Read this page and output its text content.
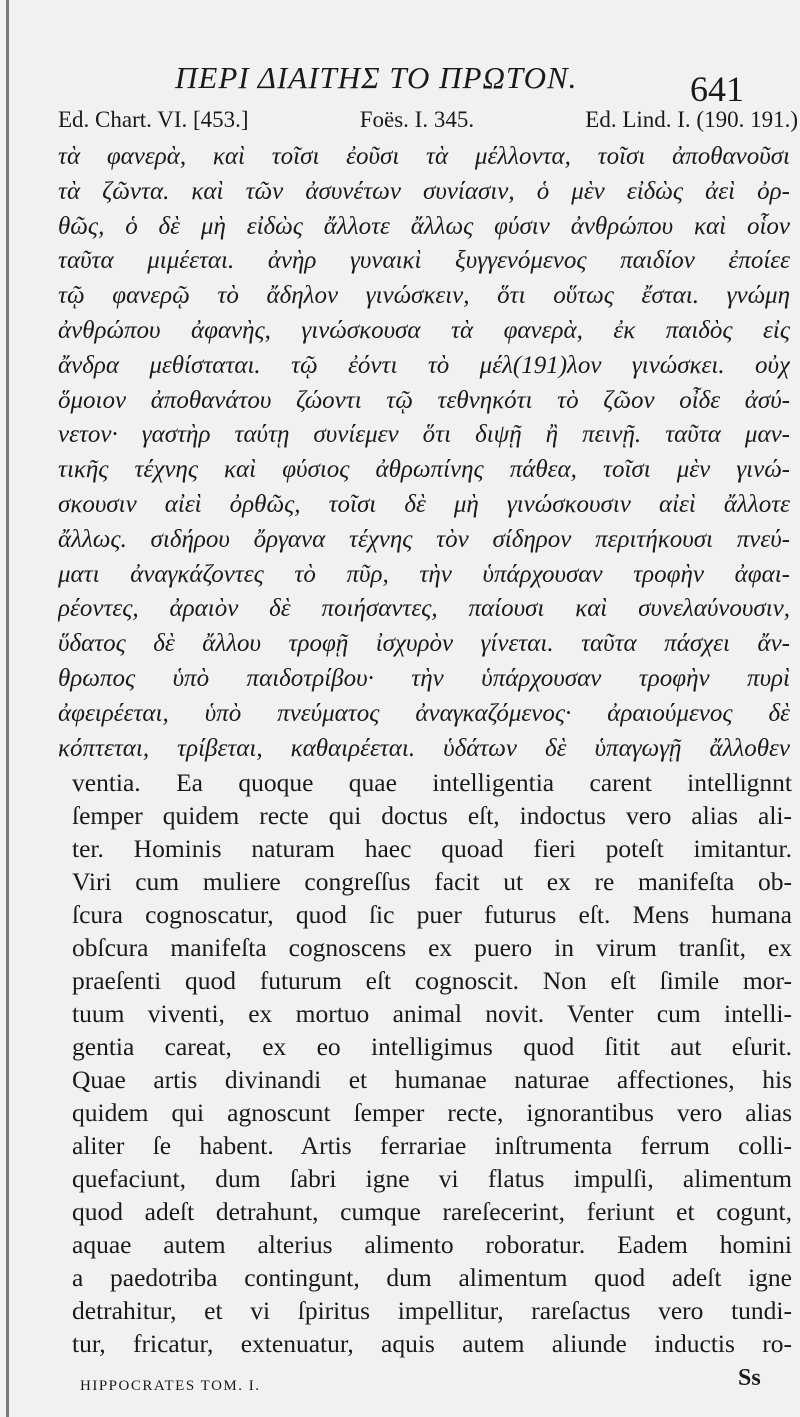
ΠΕΡΙ ΔΙΑΙΤΗΣ ΤΟ ΠΡΩΤΟΝ.	641
Ed. Chart. VI. [453.]	Foës. I. 345.	Ed. Lind. I. (190. 191.)
τὰ φανερὰ, καὶ τοῖσι ἐοῦσι τὰ μέλλοντα, τοῖσι ἀποθανοῦσι
τὰ ζῶντα. καὶ τῶν ἀσυνέτων συνίασιν, ὁ μὲν εἰδὼς ἀεὶ ὀρ-
θῶς, ὁ δὲ μὴ εἰδὼς ἄλλοτε ἄλλως φύσιν ἀνθρώπου καὶ οἷον
ταῦτα μιμέεται. ἀνὴρ γυναικὶ ξυγγενόμενος παιδίον ἐποίεε
τῷ φανερῷ τὸ ἄδηλον γινώσκειν, ὅτι οὕτως ἔσται. γνώμη
ἀνθρώπου ἀφανὴς, γινώσκουσα τὰ φανερὰ, ἐκ παιδὸς εἰς
ἄνδρα μεθίσταται. τῷ ἐόντι τὸ μέλ(191)λον γινώσκει. οὐχ
ὅμοιον ἀποθανάτου ζώοντι τῷ τεθνηκότι τὸ ζῶον οἶδε ἀσύ-
νετον· γαστὴρ ταύτῃ συνίεμεν ὅτι διψῇ ἢ πεινῇ. ταῦτα μαν-
τικῆς τέχνης καὶ φύσιος ἀθρωπίνης πάθεα, τοῖσι μὲν γινώ-
σκουσιν αἰεὶ ὀρθῶς, τοῖσι δὲ μὴ γινώσκουσιν αἰεὶ ἄλλοτε
ἄλλως. σιδήρου ὄργανα τέχνης τὸν σίδηρον περιτήκουσι πνεύ-
ματι ἀναγκάζοντες τὸ πῦρ, τὴν ὑπάρχουσαν τροφὴν ἀφαι-
ρέοντες, ἀραιὸν δὲ ποιήσαντες, παίουσι καὶ συνελαύνουσιν,
ὕδατος δὲ ἄλλου τροφῇ ἰσχυρὸν γίνεται. ταῦτα πάσχει ἄν-
θρωπος ὑπὸ παιδοτρίβου· τὴν ὑπάρχουσαν τροφὴν πυρὶ
ἀφειρέεται, ὑπὸ πνεύματος ἀναγκαζόμενος· ἀραιούμενος δὲ
κόπτεται, τρίβεται, καθαιρέεται. ὑδάτων δὲ ὑπαγωγῇ ἄλλοθεν
ventia. Ea quoque quae intelligentia carent intellignnt
ſemper quidem recte qui doctus eſt, indoctus vero alias ali-
ter. Hominis naturam haec quoad fieri poteſt imitantur.
Viri cum muliere congreſſus facit ut ex re manifeſta ob-
ſcura cognoscatur, quod ſic puer futurus eſt. Mens humana
obſcura manifeſta cognoscens ex puero in virum tranſit, ex
praeſenti quod futurum eſt cognoscit. Non eſt ſimile mor-
tuum viventi, ex mortuo animal novit. Venter cum intelli-
gentia careat, ex eo intelligimus quod ſitit aut eſurit.
Quae artis divinandi et humanae naturae affectiones, his
quidem qui agnoscunt ſemper recte, ignorantibus vero alias
aliter ſe habent. Artis ferrariae inſtrumenta ferrum colli-
quefaciunt, dum ſabri igne vi flatus impulſi, alimentum
quod adeſt detrahunt, cumque rareſecerint, feriunt et cogunt,
aquae autem alterius alimento roboratur. Eadem homini
a paedotriba contingunt, dum alimentum quod adeſt igne
detrahitur, et vi ſpiritus impellitur, rareſactus vero tundi-
tur, fricatur, extenuatur, aquis autem aliunde inductis ro-
HIPPOCRATES TOM. I.	Ss
